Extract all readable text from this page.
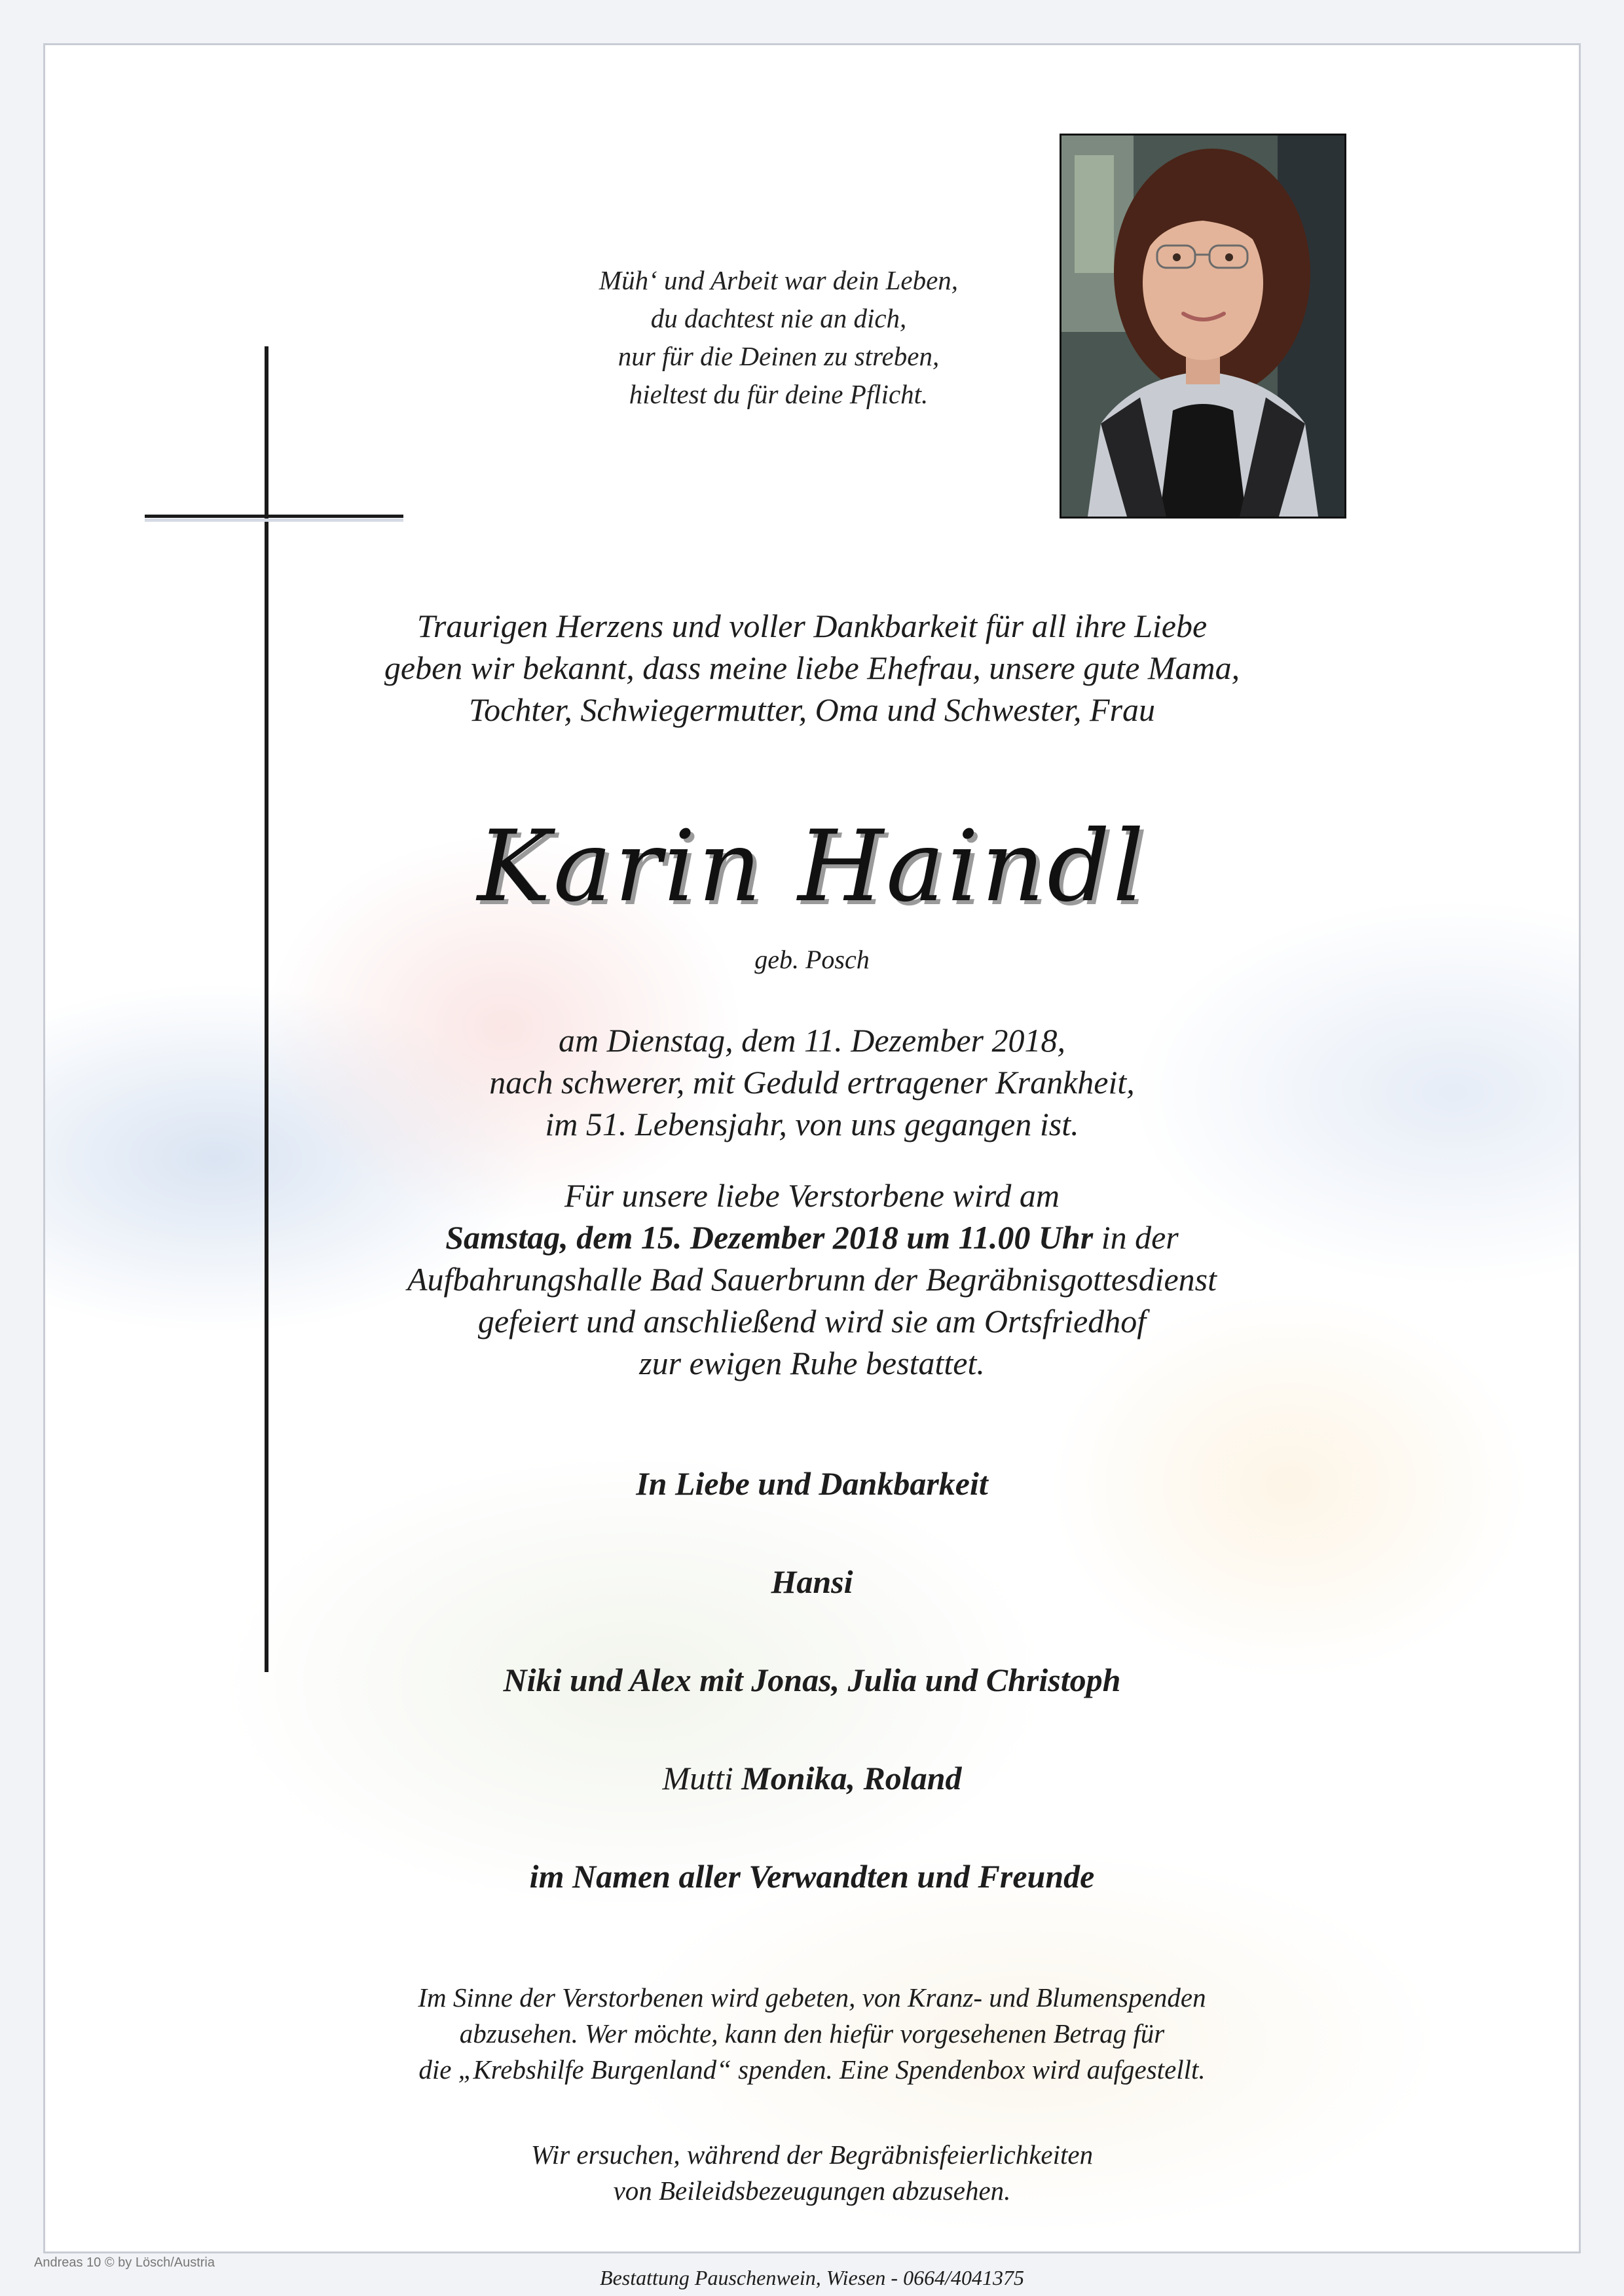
Müh‘ und Arbeit war dein Leben,
du dachtest nie an dich,
nur für die Deinen zu streben,
hieltest du für deine Pflicht.
Traurigen Herzens und voller Dankbarkeit für all ihre Liebe
geben wir bekannt, dass meine liebe Ehefrau, unsere gute Mama,
Tochter, Schwiegermutter, Oma und Schwester, Frau
Karin Haindl
geb. Posch
am Dienstag, dem 11. Dezember 2018,
nach schwerer, mit Geduld ertragener Krankheit,
im 51. Lebensjahr, von uns gegangen ist.
Für unsere liebe Verstorbene wird am
Samstag, dem 15. Dezember 2018 um 11.00 Uhr in der
Aufbahrungshalle Bad Sauerbrunn der Begräbnisgottesdienst
gefeiert und anschließend wird sie am Ortsfriedhof
zur ewigen Ruhe bestattet.
In Liebe und Dankbarkeit
Hansi
Niki und Alex mit Jonas, Julia und Christoph
Mutti Monika, Roland
im Namen aller Verwandten und Freunde
Im Sinne der Verstorbenen wird gebeten, von Kranz- und Blumenspenden
abzusehen. Wer möchte, kann den hiefür vorgesehenen Betrag für
die „Krebshilfe Burgenland“ spenden. Eine Spendenbox wird aufgestellt.
Wir ersuchen, während der Begräbnisfeierlichkeiten
von Beileidsbezeugungen abzusehen.
Bestattung Pauschenwein, Wiesen - 0664/4041375
Andreas 10 © by Lösch/Austria
